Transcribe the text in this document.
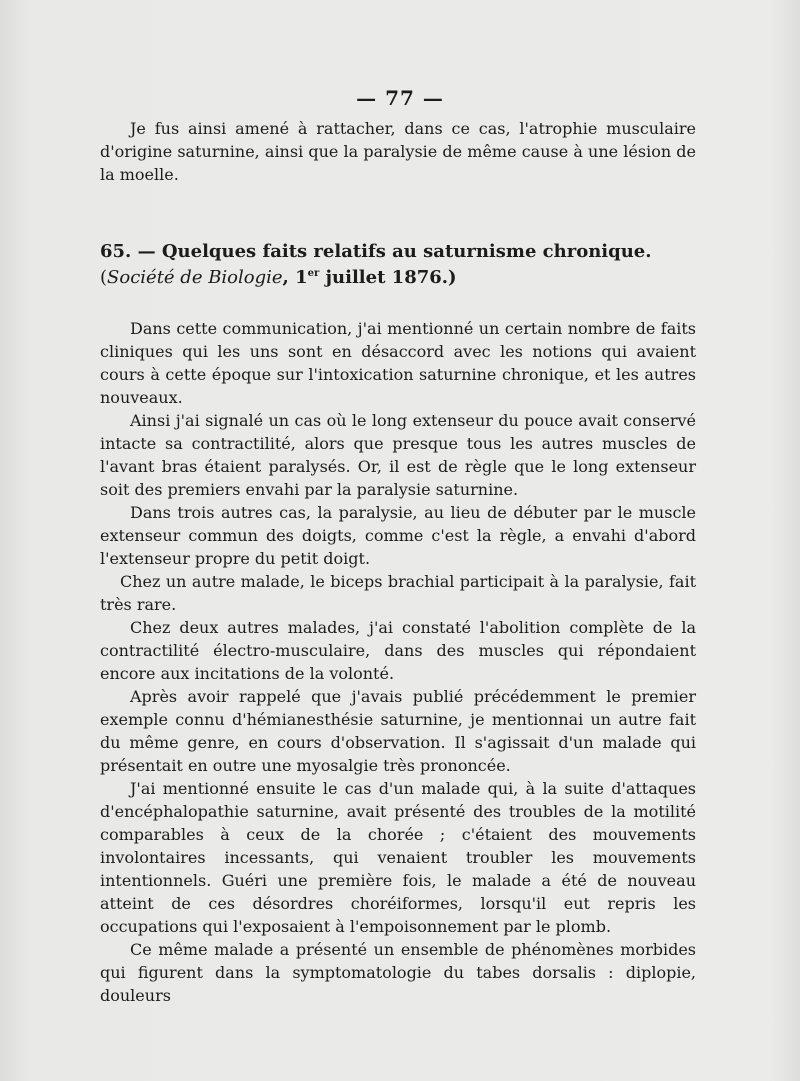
— 77 —

Je fus ainsi amené à rattacher, dans ce cas, l'atrophie musculaire d'origine saturnine, ainsi que la paralysie de même cause à une lésion de la moelle.

65. — Quelques faits relatifs au saturnisme chronique. (Société de Biologie, 1er juillet 1876.)

Dans cette communication, j'ai mentionné un certain nombre de faits cliniques qui les uns sont en désaccord avec les notions qui avaient cours à cette époque sur l'intoxication saturnine chronique, et les autres nouveaux.

Ainsi j'ai signalé un cas où le long extenseur du pouce avait conservé intacte sa contractilité, alors que presque tous les autres muscles de l'avant bras étaient paralysés. Or, il est de règle que le long extenseur soit des premiers envahi par la paralysie saturnine.

Dans trois autres cas, la paralysie, au lieu de débuter par le muscle extenseur commun des doigts, comme c'est la règle, a envahi d'abord l'extenseur propre du petit doigt.

Chez un autre malade, le biceps brachial participait à la paralysie, fait très rare.

Chez deux autres malades, j'ai constaté l'abolition complète de la contractilité électro-musculaire, dans des muscles qui répondaient encore aux incitations de la volonté.

Après avoir rappelé que j'avais publié précédemment le premier exemple connu d'hémianesthésie saturnine, je mentionnai un autre fait du même genre, en cours d'observation. Il s'agissait d'un malade qui présentait en outre une myosalgie très prononcée.

J'ai mentionné ensuite le cas d'un malade qui, à la suite d'attaques d'encéphalopathie saturnine, avait présenté des troubles de la motilité comparables à ceux de la chorée ; c'étaient des mouvements involontaires incessants, qui venaient troubler les mouvements intentionnels. Guéri une première fois, le malade a été de nouveau atteint de ces désordres choréiformes, lorsqu'il eut repris les occupations qui l'exposaient à l'empoisonnement par le plomb.

Ce même malade a présenté un ensemble de phénomènes morbides qui figurent dans la symptomatologie du tabes dorsalis : diplopie, douleurs
